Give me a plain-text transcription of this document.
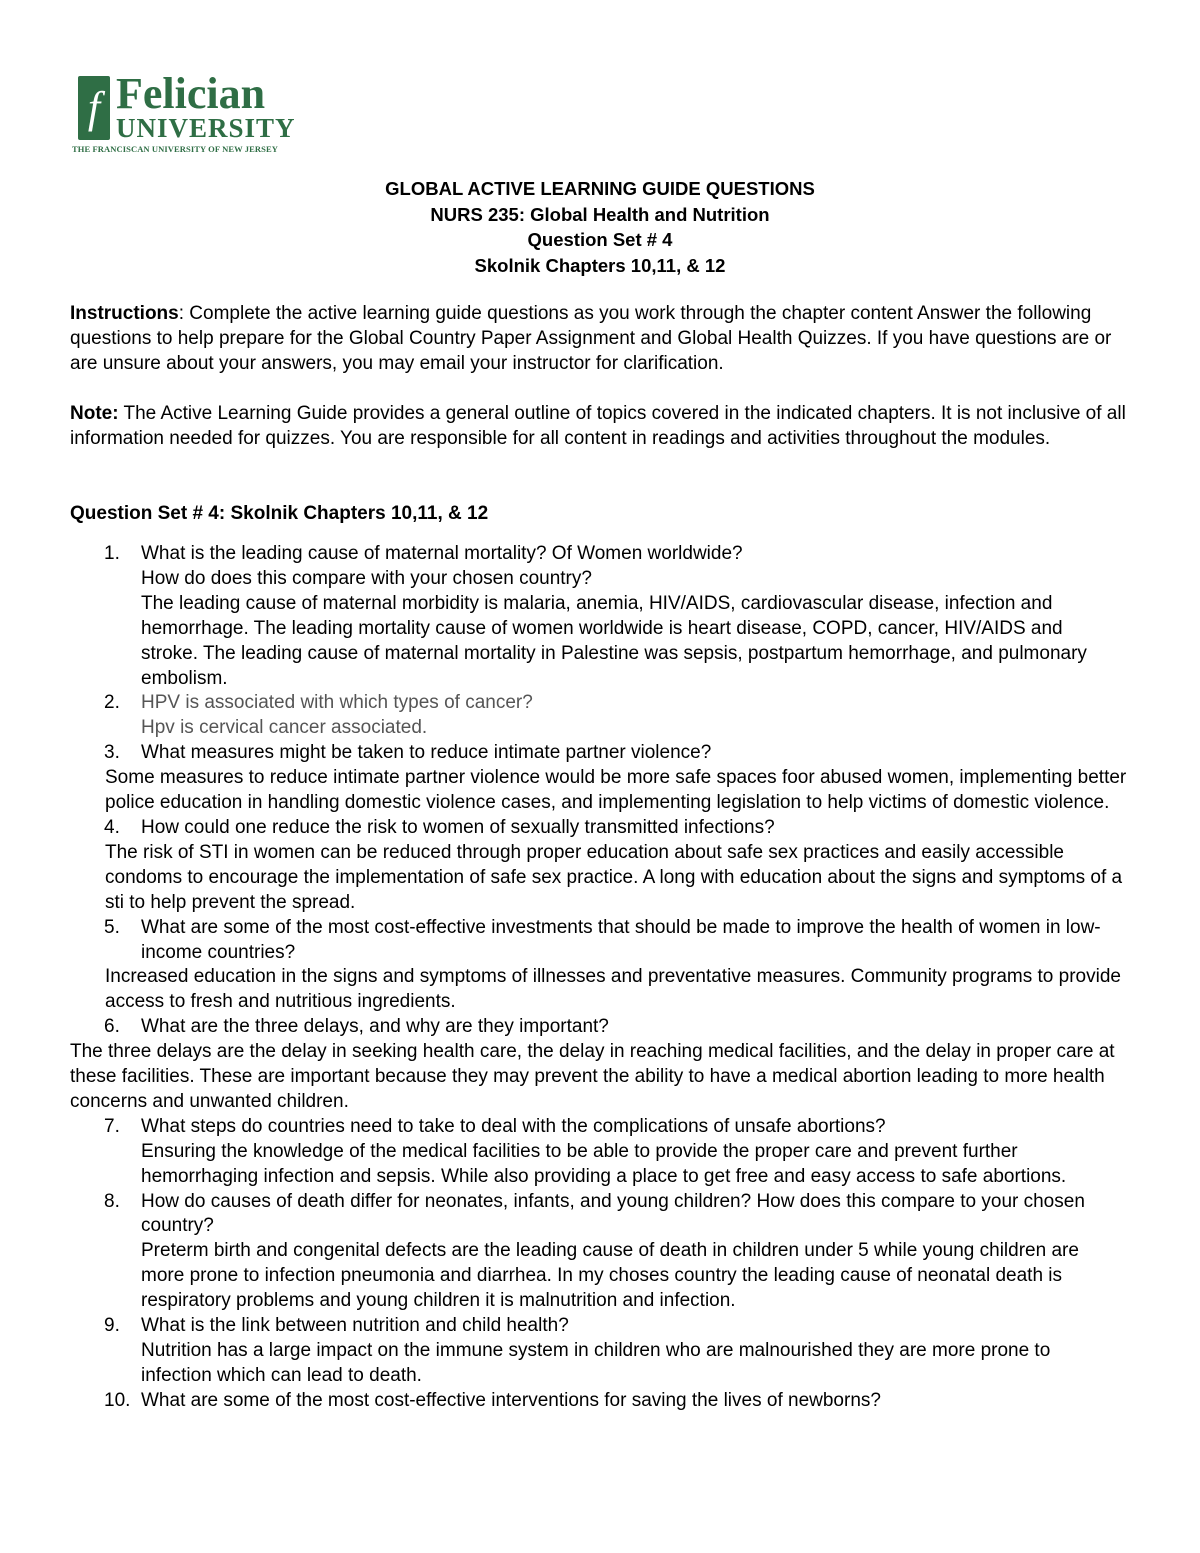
f Felician
UNIVERSITY
THE FRANCISCAN UNIVERSITY OF NEW JERSEY
GLOBAL ACTIVE LEARNING GUIDE QUESTIONS
NURS 235: Global Health and Nutrition
Question Set # 4
Skolnik Chapters 10,11, & 12
Instructions: Complete the active learning guide questions as you work through the chapter content Answer the following questions to help prepare for the Global Country Paper Assignment and Global Health Quizzes. If you have questions are or are unsure about your answers, you may email your instructor for clarification.
Note: The Active Learning Guide provides a general outline of topics covered in the indicated chapters. It is not inclusive of all information needed for quizzes. You are responsible for all content in readings and activities throughout the modules.
Question Set # 4: Skolnik Chapters 10,11, & 12
1.	What is the leading cause of maternal mortality? Of Women worldwide?
How do does this compare with your chosen country?
The leading cause of maternal morbidity is malaria, anemia, HIV/AIDS, cardiovascular disease, infection and hemorrhage. The leading mortality cause of women worldwide is heart disease, COPD, cancer, HIV/AIDS and stroke. The leading cause of maternal mortality in Palestine was sepsis, postpartum hemorrhage, and pulmonary embolism.
2.	HPV is associated with which types of cancer?
Hpv is cervical cancer associated.
3.	What measures might be taken to reduce intimate partner violence?
Some measures to reduce intimate partner violence would be more safe spaces foor abused women, implementing better police education in handling domestic violence cases, and implementing legislation to help victims of domestic violence.
4.	How could one reduce the risk to women of sexually transmitted infections?
The risk of STI in women can be reduced through proper education about safe sex practices and easily accessible condoms to encourage the implementation of safe sex practice. A long with education about the signs and symptoms of a sti to help prevent the spread.
5.	What are some of the most cost-effective investments that should be made to improve the health of women in low-income countries?
Increased education in the signs and symptoms of illnesses and preventative measures. Community programs to provide access to fresh and nutritious ingredients.
6.	What are the three delays, and why are they important?
The three delays are the delay in seeking health care, the delay in reaching medical facilities, and the delay in proper care at these facilities. These are important because they may prevent the ability to have a medical abortion leading to more health concerns and unwanted children.
7.	What steps do countries need to take to deal with the complications of unsafe abortions?
Ensuring the knowledge of the medical facilities to be able to provide the proper care and prevent further hemorrhaging infection and sepsis. While also providing a place to get free and easy access to safe abortions.
8.	How do causes of death differ for neonates, infants, and young children? How does this compare to your chosen country?
Preterm birth and congenital defects are the leading cause of death in children under 5 while young children are more prone to infection pneumonia and diarrhea. In my choses country the leading cause of neonatal death is respiratory problems and young children it is malnutrition and infection.
9.	What is the link between nutrition and child health?
Nutrition has a large impact on the immune system in children who are malnourished they are more prone to infection which can lead to death.
10. What are some of the most cost-effective interventions for saving the lives of newborns?
